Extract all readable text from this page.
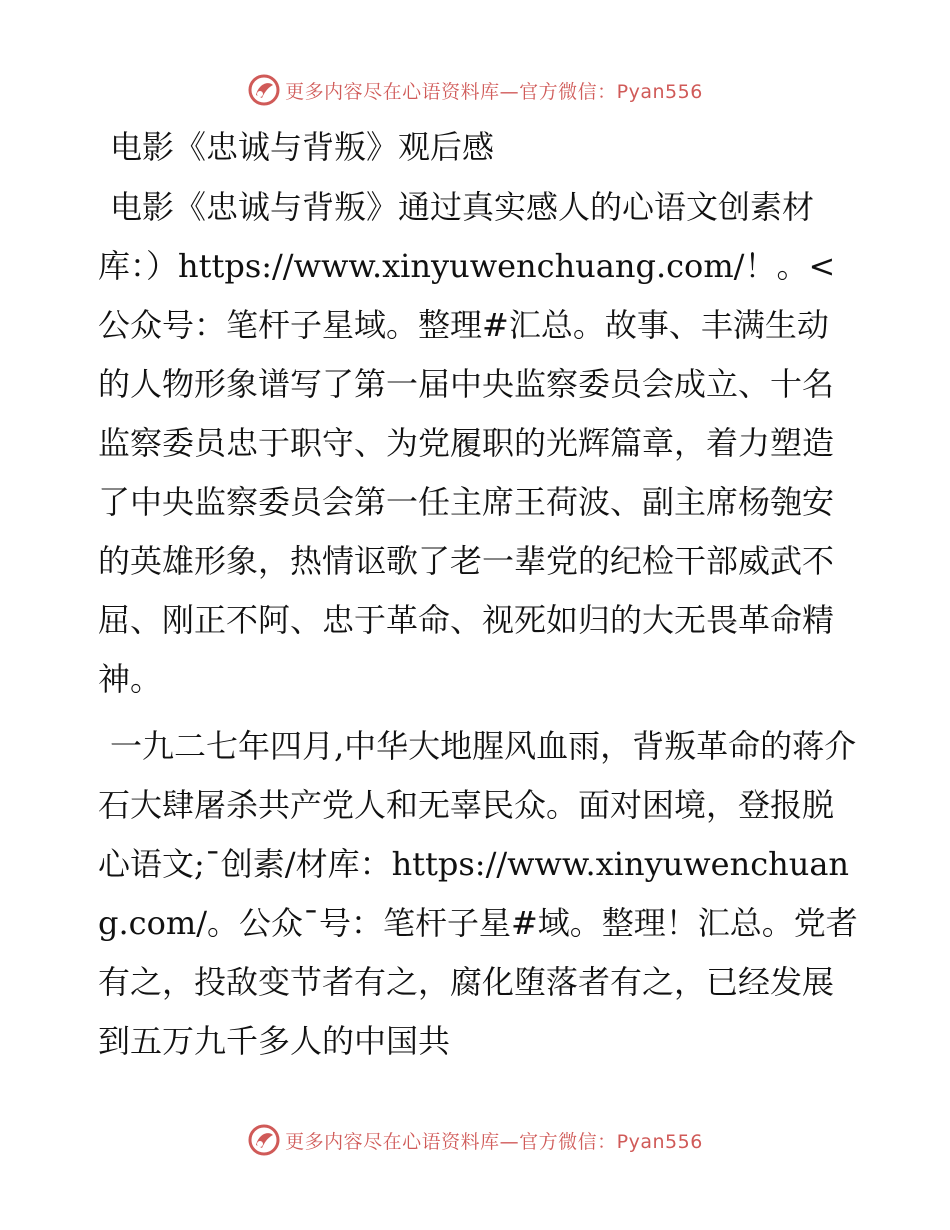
更多内容尽在心语资料库—官方微信：Pyan556
电影《忠诚与背叛》观后感

电影《忠诚与背叛》通过真实感人的心语文创素材库：）https://www.xinyuwenchuang.com/！。<公众号：笔杆子星域。整理#汇总。故事、丰满生动的人物形象谱写了第一届中央监察委员会成立、十名监察委员忠于职守、为党履职的光辉篇章，着力塑造了中央监察委员会第一任主席王荷波、副主席杨匏安的英雄形象，热情讴歌了老一辈党的纪检干部威武不屈、刚正不阿、忠于革命、视死如归的大无畏革命精神。

一九二七年四月,中华大地腥风血雨，背叛革命的蒋介石大肆屠杀共产党人和无辜民众。面对困境，登报脱心语文;¯创素/材库：https://www.xinyuwenchuang.com/。公众¯号：笔杆子星#域。整理！汇总。党者有之，投敌变节者有之，腐化堕落者有之，已经发展到五万九千多人的中国共

更多内容尽在心语资料库—官方微信：Pyan556
